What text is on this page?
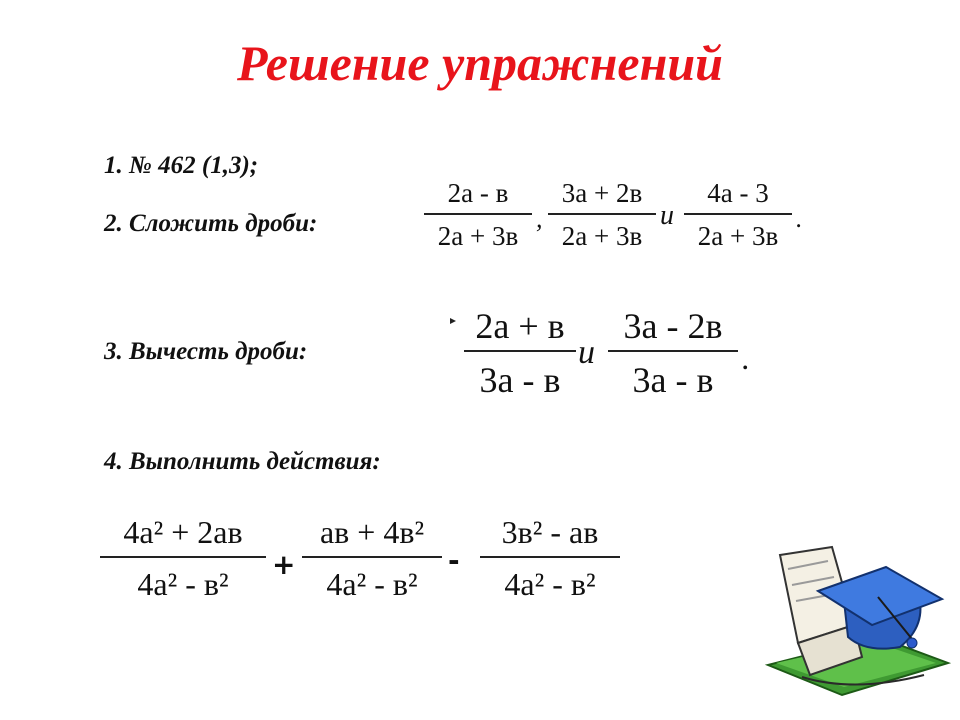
Решение упражнений
1. № 462 (1,3);
2. Сложить дроби:
3. Вычесть дроби:
4. Выполнить действия:
2а - в
2а + 3в
,
3а + 2в
2а + 3в
и
4а - 3
2а + 3в
.
2а + в
3а - в
и
3а - 2в
3а - в
.
4а² + 2ав
4а² - в²
+
ав + 4в²
4а² - в²
-
3в² - ав
4а² - в²
